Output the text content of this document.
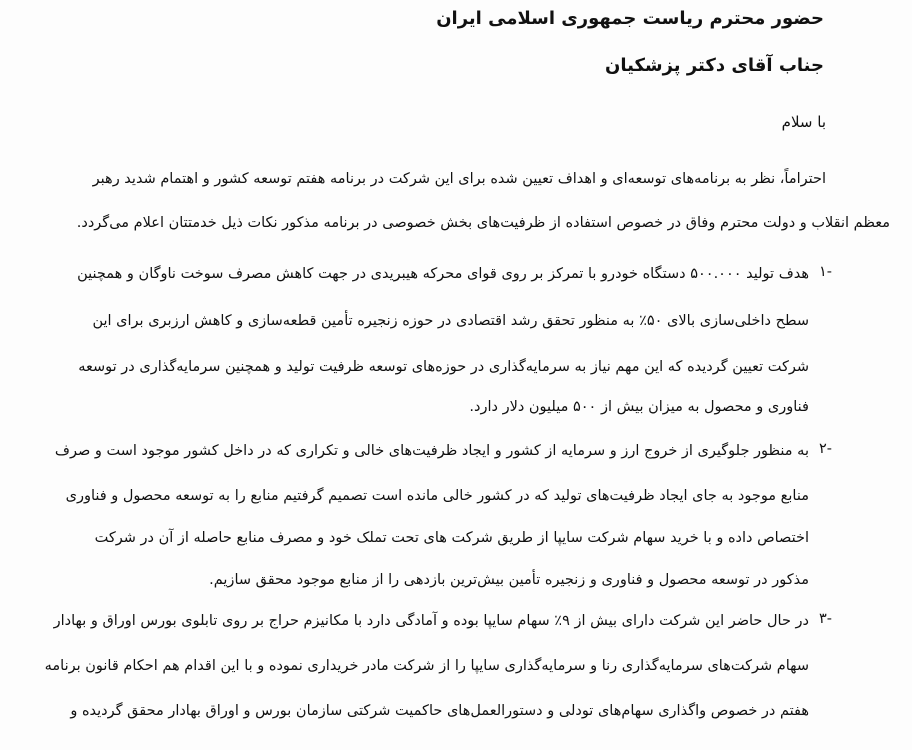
حضور محترم ریاست جمهوری اسلامی ایران
جناب آقای دکتر پزشکیان
با سلام
احتراماً، نظر به برنامه‌های توسعه‌ای و اهداف تعیین شده برای این شرکت در برنامه هفتم توسعه کشور و اهتمام شدید رهبر
معظم انقلاب و دولت محترم وفاق در خصوص استفاده از ظرفیت‌های بخش خصوصی در برنامه مذکور نکات ذیل خدمتتان اعلام می‌گردد.
-۱
هدف تولید ۵۰۰.۰۰۰ دستگاه خودرو با تمرکز بر روی قوای محرکه هیبریدی در جهت کاهش مصرف سوخت ناوگان و همچنین
سطح داخلی‌سازی بالای ۵۰٪ به منظور تحقق رشد اقتصادی در حوزه زنجیره تأمین قطعه‌سازی و کاهش ارزبری برای این
شرکت تعیین گردیده که این مهم نیاز به سرمایه‌گذاری در حوزه‌های توسعه ظرفیت تولید و همچنین سرمایه‌گذاری در توسعه
فناوری و محصول به میزان بیش از ۵۰۰ میلیون دلار دارد.
-۲
به منظور جلوگیری از خروج ارز و سرمایه از کشور و ایجاد ظرفیت‌های خالی و تکراری که در داخل کشور موجود است و صرف
منابع موجود به جای ایجاد ظرفیت‌های تولید که در کشور خالی مانده است تصمیم گرفتیم منابع را به توسعه محصول و فناوری
اختصاص داده و با خرید سهام شرکت سایپا از طریق شرکت های تحت تملک خود و مصرف منابع حاصله از آن در شرکت
مذکور در توسعه محصول و فناوری و زنجیره تأمین بیش‌ترین بازدهی را از منابع موجود محقق سازیم.
-۳
در حال حاضر این شرکت دارای بیش از ۹٪ سهام سایپا بوده و آمادگی دارد با مکانیزم حراج بر روی تابلوی بورس اوراق و بهادار
سهام شرکت‌های سرمایه‌گذاری رنا و سرمایه‌گذاری سایپا را از شرکت مادر خریداری نموده و با این اقدام هم احکام قانون برنامه
هفتم در خصوص واگذاری سهام‌های تودلی و دستورالعمل‌های حاکمیت شرکتی سازمان بورس و اوراق بهادار محقق گردیده و
